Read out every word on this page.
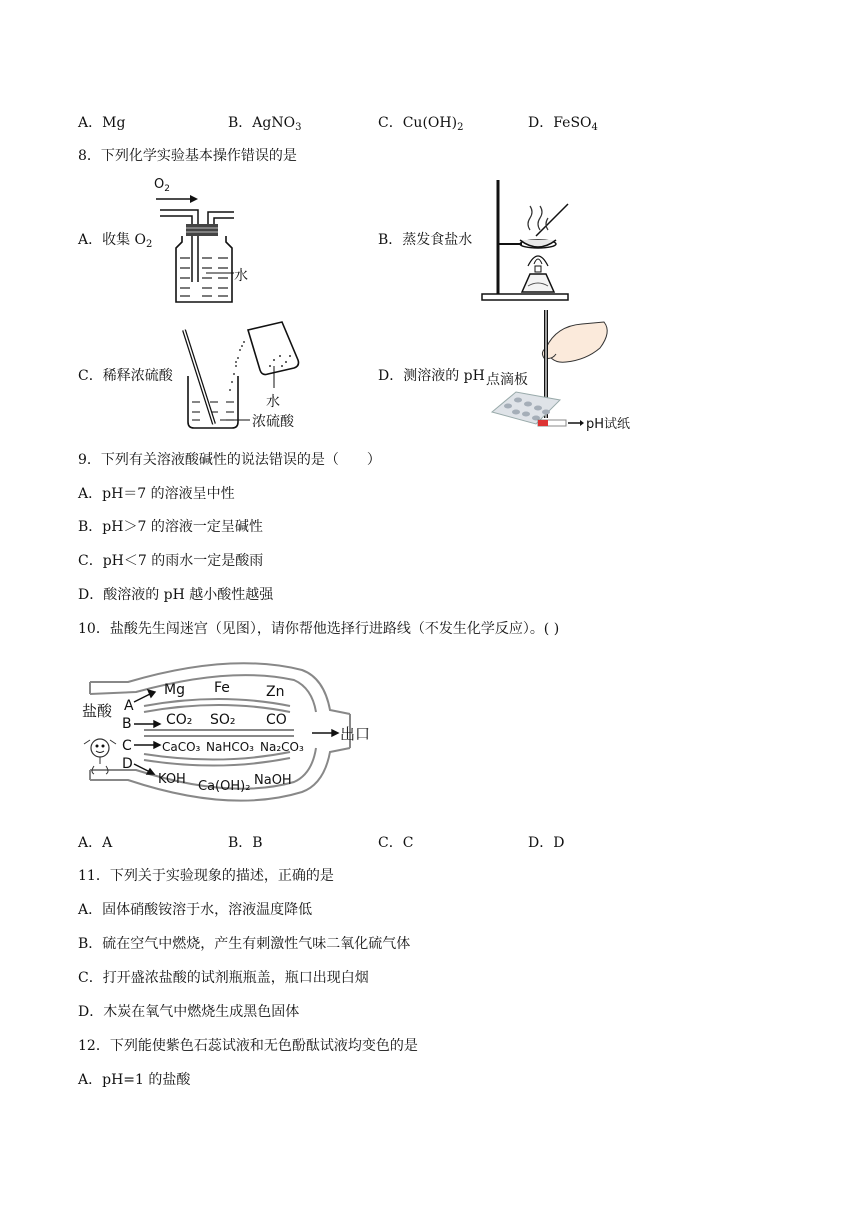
A．Mg	B．AgNO$_3$	C．$Cu(OH)_2$	D．FeSO$_4$
8．下列化学实验基本操作错误的是
A．收集 $O_2$
$O_2$
水
B．蒸发食盐水
C．稀释浓硫酸
水
浓硫酸
D．测溶液的 pH 点滴板
pH试纸
9．下列有关溶液酸碱性的说法错误的是（　　）
A．pH＝7 的溶液呈中性
B．pH＞7 的溶液一定呈碱性
C．pH＜7 的雨水一定是酸雨
D．酸溶液的 pH 越小酸性越强
10．盐酸先生闯迷宫（见图），请你帮他选择行进路线（不发生化学反应）。( )
盐酸 A
B
C
D
Mg Fe	Zn
CO₂ SO₂ CO
CaCO₃ NaHCO₃ Na₂CO₃
KOH Ca(OH)₂ NaOH
出口
A．A	B．B	C．C	D．D
11．下列关于实验现象的描述，正确的是
A．固体硝酸铵溶于水，溶液温度降低
B．硫在空气中燃烧，产生有刺激性气味二氧化硫气体
C．打开盛浓盐酸的试剂瓶瓶盖，瓶口出现白烟
D．木炭在氧气中燃烧生成黑色固体
12．下列能使紫色石蕊试液和无色酚酞试液均变色的是
A．pH=1 的盐酸
